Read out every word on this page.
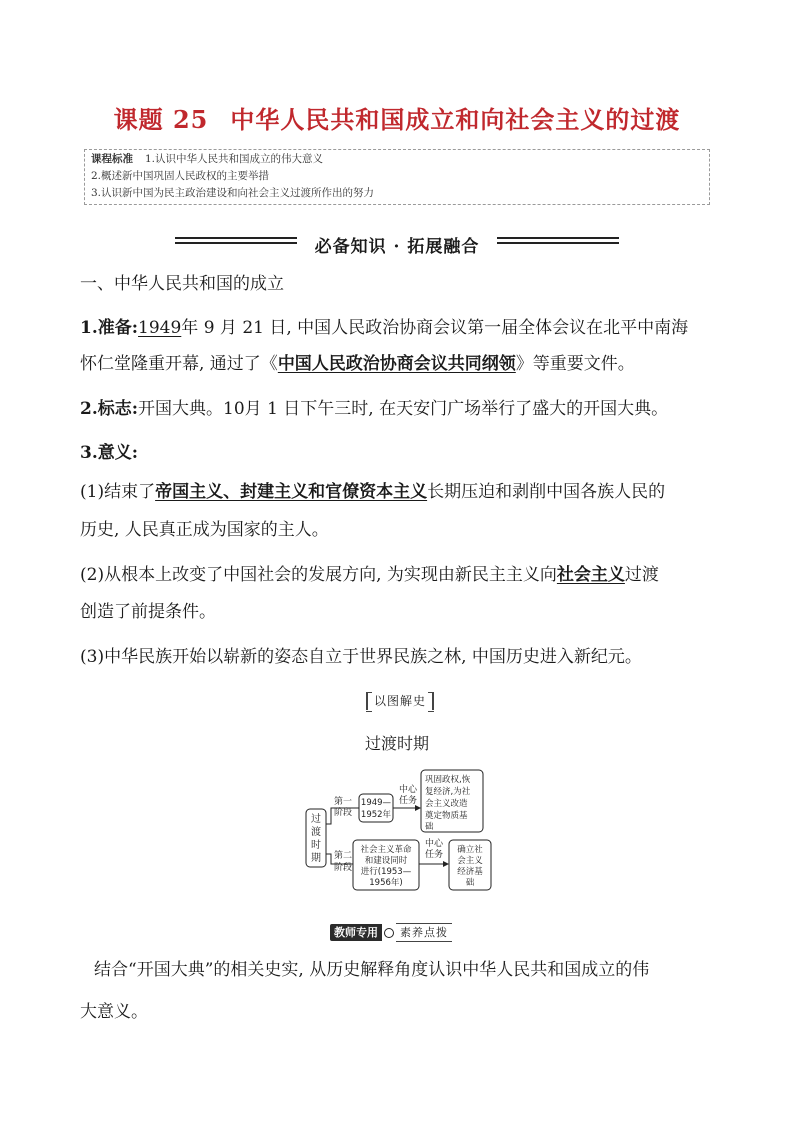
课题 25 中华人民共和国成立和向社会主义的过渡
课程标准 1.认识中华人民共和国成立的伟大意义
2.概述新中国巩固人民政权的主要举措
3.认识新中国为民主政治建设和向社会主义过渡所作出的努力
必备知识 · 拓展融合
一、中华人民共和国的成立
1.准备:1949年 9 月 21 日, 中国人民政治协商会议第一届全体会议在北平中南海
怀仁堂隆重开幕, 通过了《中国人民政治协商会议共同纲领》等重要文件。
2.标志:开国大典。10月 1 日下午三时, 在天安门广场举行了盛大的开国大典。
3.意义:
(1)结束了帝国主义、封建主义和官僚资本主义长期压迫和剥削中国各族人民的
历史, 人民真正成为国家的主人。
(2)从根本上改变了中国社会的发展方向, 为实现由新民主主义向社会主义过渡
创造了前提条件。
(3)中华民族开始以崭新的姿态自立于世界民族之林, 中国历史进入新纪元。
以图解史
过渡时期
过
渡
时
期
第一
阶段
1949—
1952年
中心
任务
巩固政权,恢
复经济,为社
会主义改造
奠定物质基
础
第二
阶段
社会主义革命
和建设同时
进行(1953—
1956年)
中心
任务 确立社
会主义
经济基
础
教师专用	素养点拨
结合“开国大典”的相关史实, 从历史解释角度认识中华人民共和国成立的伟
大意义。
